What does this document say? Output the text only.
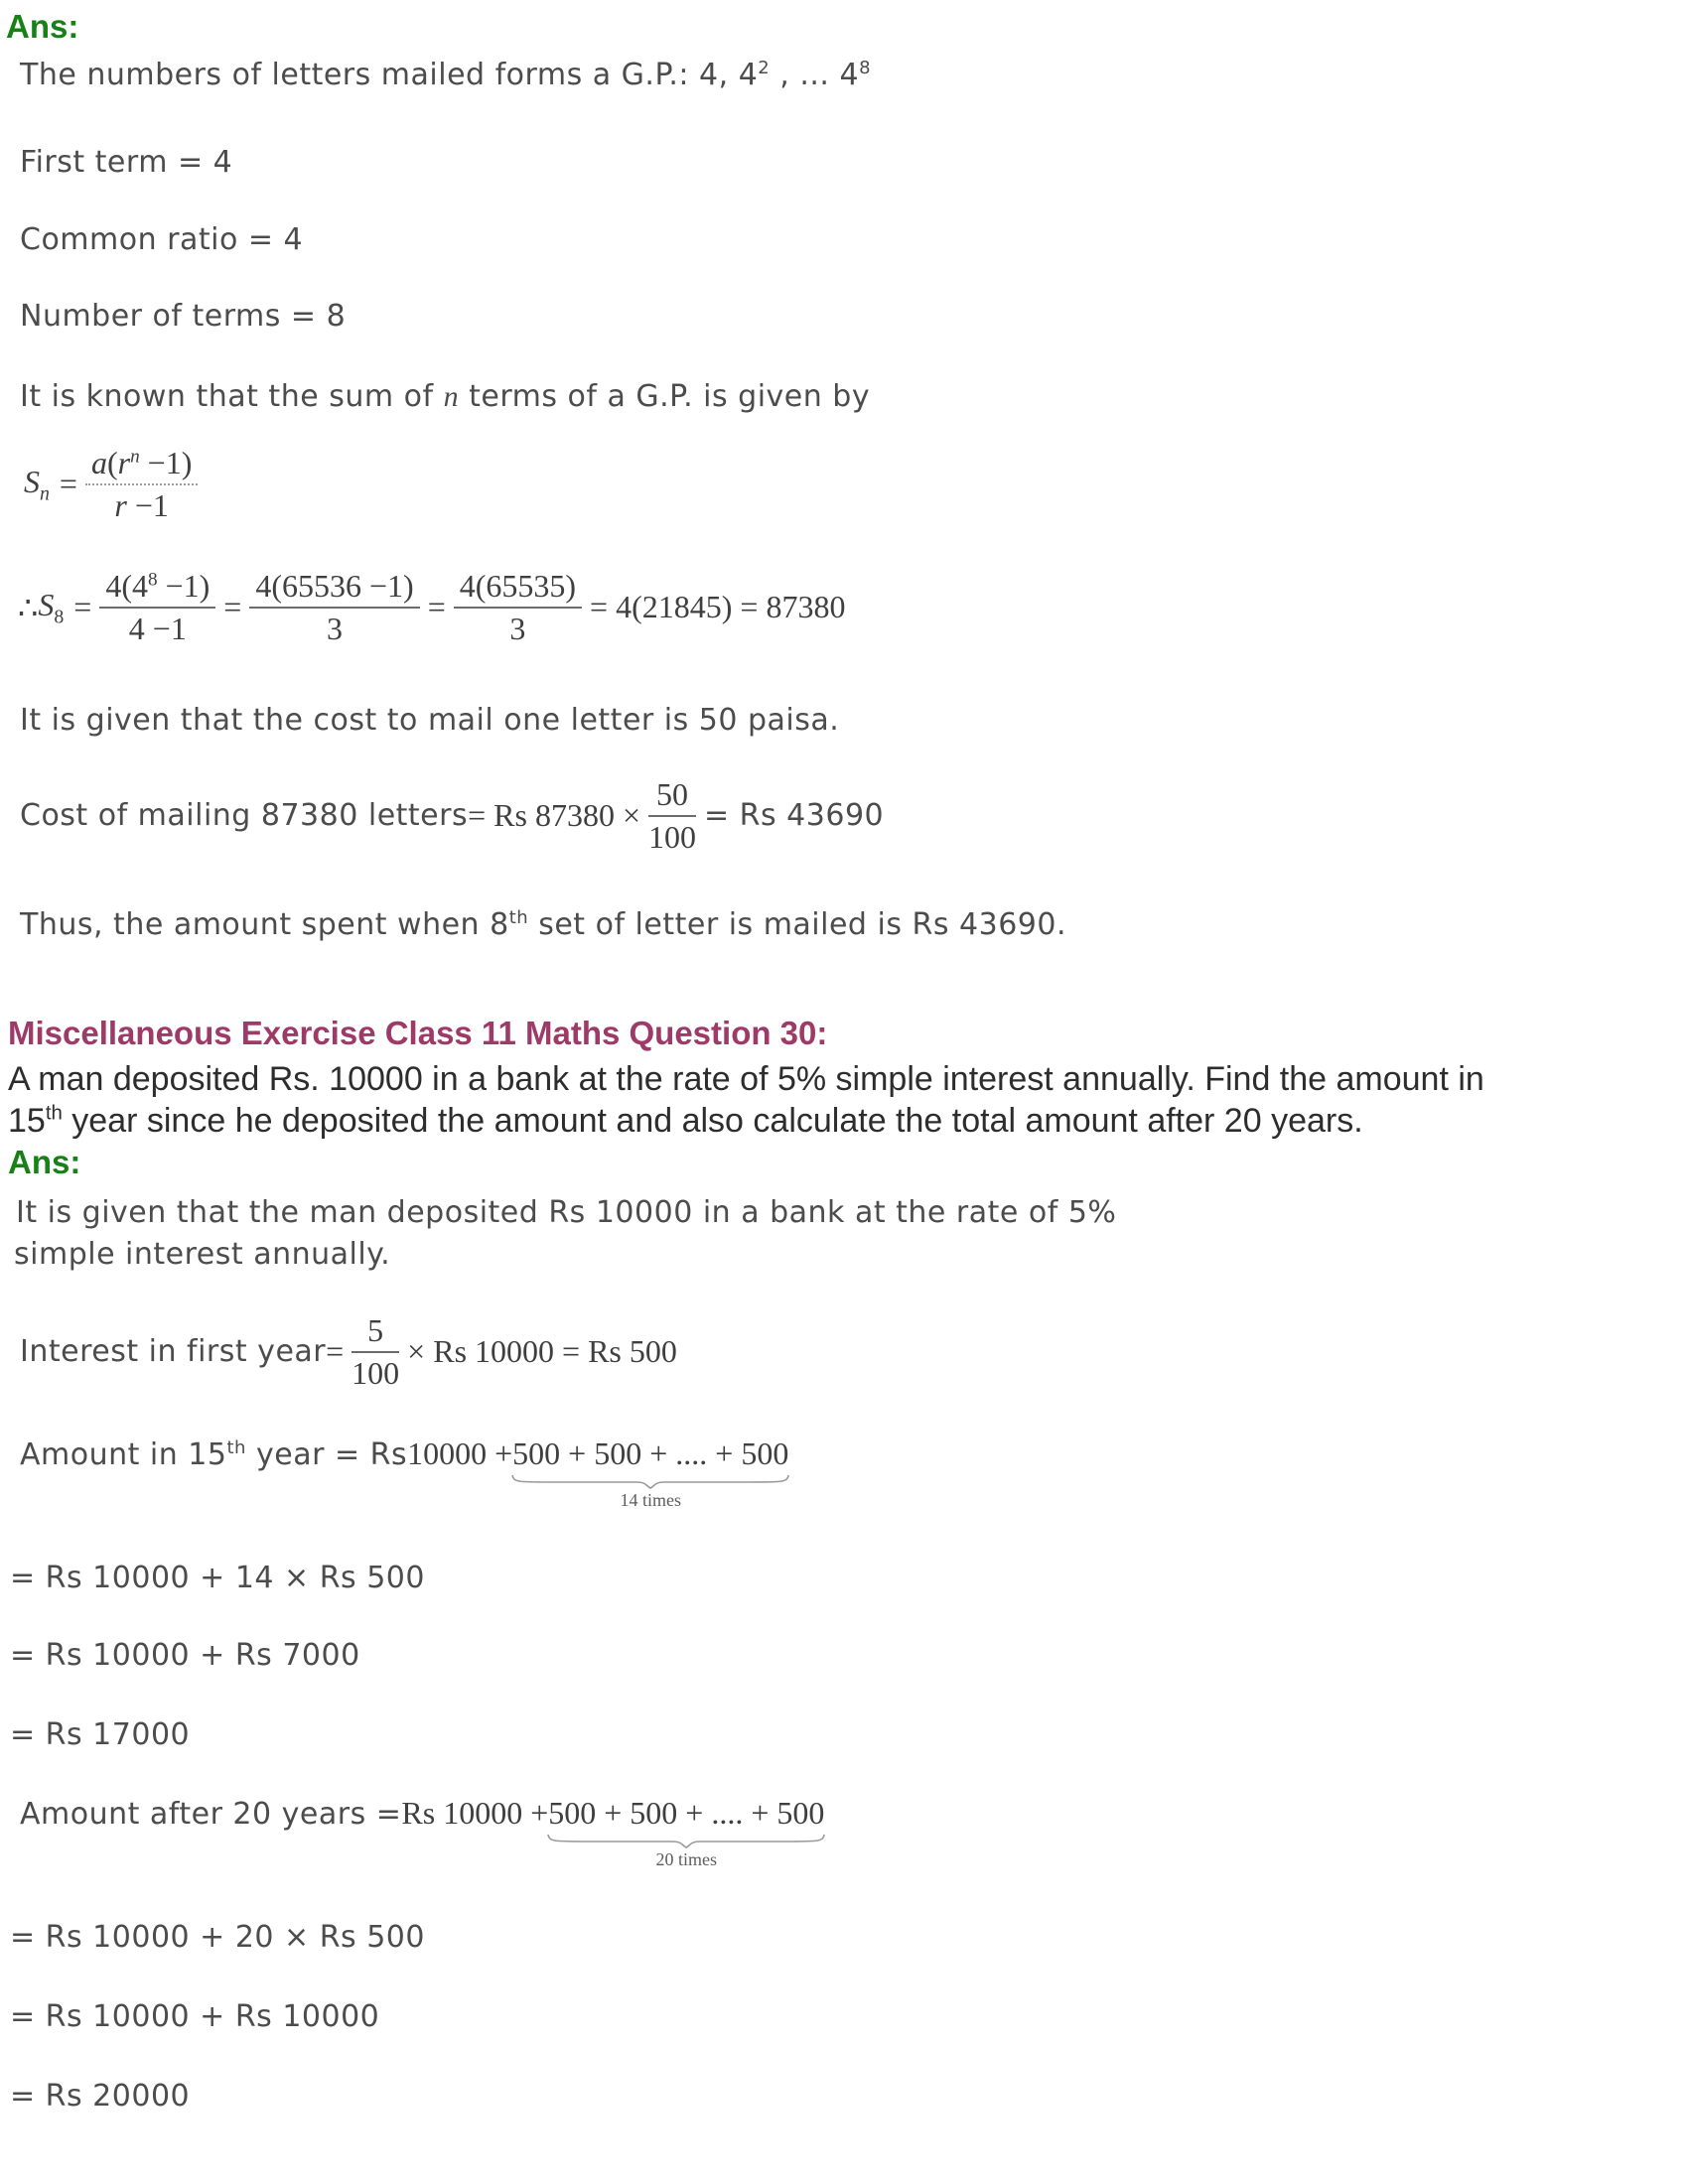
Ans:
The numbers of letters mailed forms a G.P.: 4, $4^2$ , ... $4^8$
First term = 4
Common ratio = 4
Number of terms = 8
It is known that the sum of n terms of a G.P. is given by
$S_n = \frac{a(r^n -1)}{r -1}$
∴ $S_8 = \frac{4(4^8 -1)}{4 -1} = \frac{4(65536 -1)}{3} = \frac{4(65535)}{3} = 4(21845) = 87380$
It is given that the cost to mail one letter is 50 paisa.
Cost of mailing 87380 letters = Rs $87380 \times \frac{50}{100} = Rs$ 43690
Thus, the amount spent when 8th set of letter is mailed is Rs 43690.
Miscellaneous Exercise Class 11 Maths Question 30:
A man deposited Rs. 10000 in a bank at the rate of 5% simple interest annually. Find the amount in
15th year since he deposited the amount and also calculate the total amount after 20 years.
Ans:
It is given that the man deposited Rs 10000 in a bank at the rate of 5%
simple interest annually.
Interest in first year = $\frac{5}{100} \times Rs$ 10000 = Rs 500
Amount in 15th year = Rs 10000 + 500 + 500 + .... + 500
14 times
= Rs 10000 + 14 × Rs 500
= Rs 10000 + Rs 7000
= Rs 17000
Amount after 20 years = Rs 10000 + 500 + 500 + .... + 500
20 times
= Rs 10000 + 20 × Rs 500
= Rs 10000 + Rs 10000
= Rs 20000
